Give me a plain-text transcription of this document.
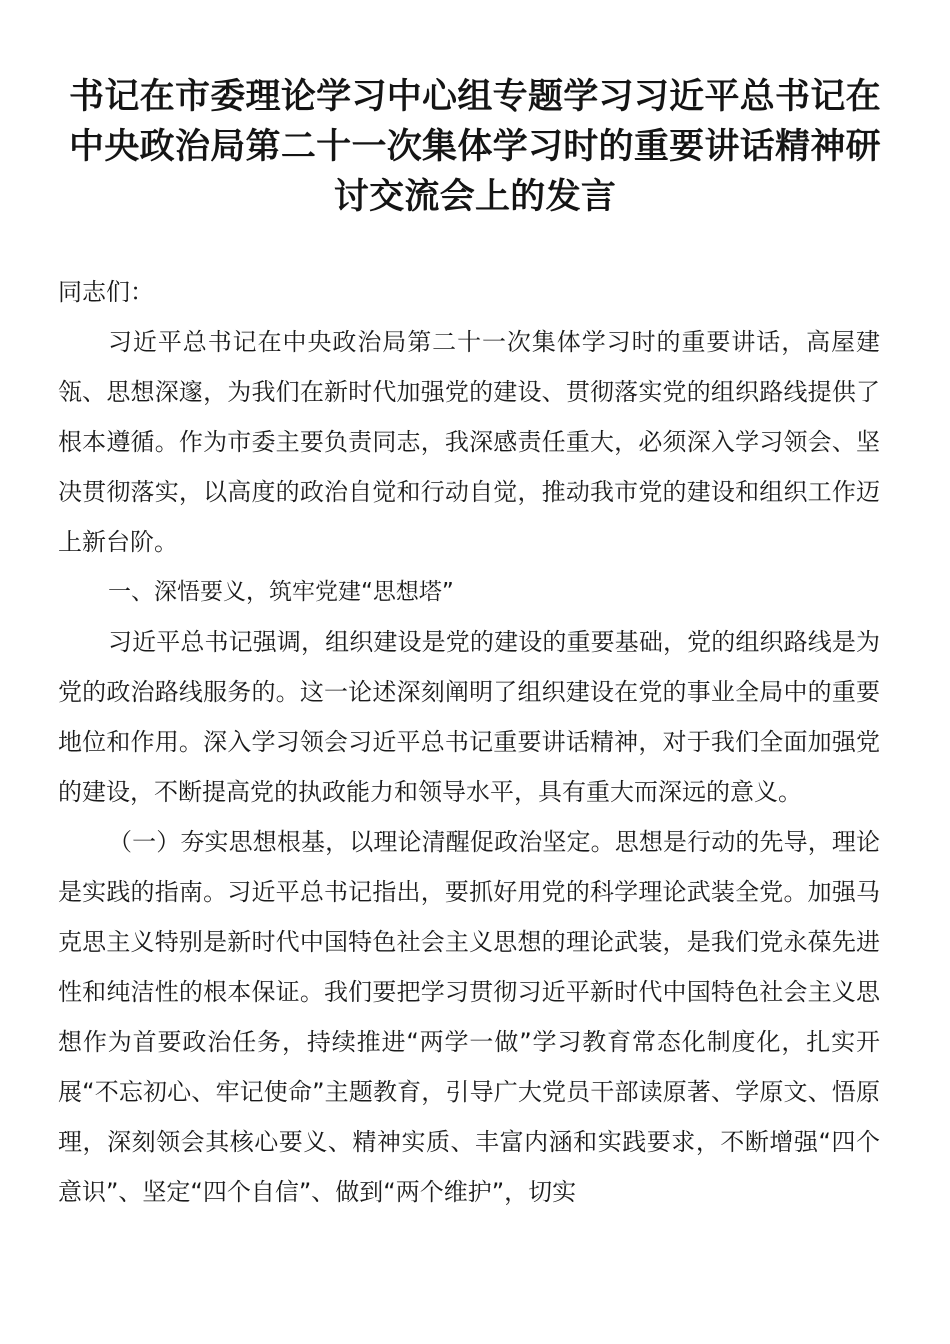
书记在市委理论学习中心组专题学习习近平总书记在中央政治局第二十一次集体学习时的重要讲话精神研讨交流会上的发言

同志们：

习近平总书记在中央政治局第二十一次集体学习时的重要讲话，高屋建瓴、思想深邃，为我们在新时代加强党的建设、贯彻落实党的组织路线提供了根本遵循。作为市委主要负责同志，我深感责任重大，必须深入学习领会、坚决贯彻落实，以高度的政治自觉和行动自觉，推动我市党的建设和组织工作迈上新台阶。

一、深悟要义，筑牢党建“思想塔”

习近平总书记强调，组织建设是党的建设的重要基础，党的组织路线是为党的政治路线服务的。这一论述深刻阐明了组织建设在党的事业全局中的重要地位和作用。深入学习领会习近平总书记重要讲话精神，对于我们全面加强党的建设，不断提高党的执政能力和领导水平，具有重大而深远的意义。

（一）夯实思想根基，以理论清醒促政治坚定。思想是行动的先导，理论是实践的指南。习近平总书记指出，要抓好用党的科学理论武装全党。加强马克思主义特别是新时代中国特色社会主义思想的理论武装，是我们党永葆先进性和纯洁性的根本保证。我们要把学习贯彻习近平新时代中国特色社会主义思想作为首要政治任务，持续推进“两学一做”学习教育常态化制度化，扎实开展“不忘初心、牢记使命”主题教育，引导广大党员干部读原著、学原文、悟原理，深刻领会其核心要义、精神实质、丰富内涵和实践要求，不断增强“四个意识”、坚定“四个自信”、做到“两个维护”，切实
